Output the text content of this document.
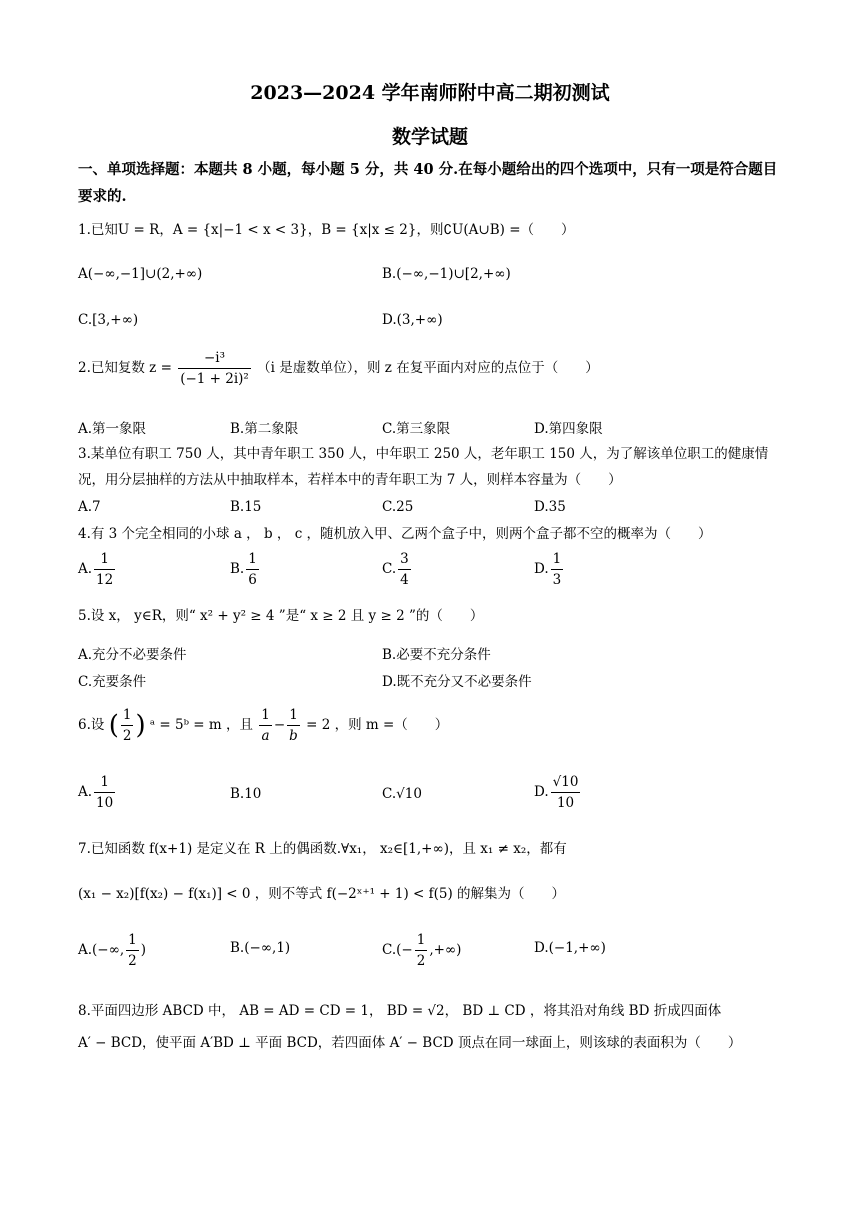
2023—2024 学年南师附中高二期初测试
数学试题
一、单项选择题：本题共 8 小题，每小题 5 分，共 40 分.在每小题给出的四个选项中，只有一项是符合题目要求的.
1.已知U = R，A = {x|−1 < x < 3}，B = {x|x ≤ 2}，则∁U(A∪B) =（　　）
A(−∞,−1]∪(2,+∞)	B.(−∞,−1)∪[2,+∞)
C.[3,+∞)	D.(3,+∞)
2.已知复数 $z = \frac{\text{−i³}}{\text{(−1 + 2i)²}} (i$ 是虚数单位），则 z 在复平面内对应的点位于（　　）
A.第一象限	B.第二象限	C.第三象限	D.第四象限
3.某单位有职工 750 人，其中青年职工 350 人，中年职工 250 人，老年职工 150 人，为了解该单位职工的健康情况，用分层抽样的方法从中抽取样本，若样本中的青年职工为 7 人，则样本容量为（　　）
A.7	B.15	C.25	D.35
4.有 3 个完全相同的小球 a ， b ， c ，随机放入甲、乙两个盒子中，则两个盒子都不空的概率为（　　）
A. $\frac{1}{12}$	B. $\frac{1}{6}$	C. $\frac{3}{4}$	D. $\frac{1}{3}$
5.设 x， y∈R，则“ x² + y² ≥ 4 ”是“ x ≥ 2 且 y ≥ 2 ”的（　　）
A.充分不必要条件	B.必要不充分条件
C.充要条件	D.既不充分又不必要条件
6.设 ( $\frac{1}{2}$ ) ᵃ = 5ᵇ = m ，且 $\frac{1}{a} - \frac{1}{b} = 2$ ，则 m =（　　）
A. $\frac{1}{10}$	B.10	C.√10	D. $\frac{√10}{10}$
7.已知函数 f(x+1) 是定义在 R 上的偶函数.∀x₁， x₂∈[1,+∞)，且 x₁ ≠ x₂，都有
(x₁ − x₂)[f(x₂) − f(x₁)] < 0 ，则不等式 f(−2ˣ⁺¹ + 1) < f(5) 的解集为（　　）
A.(−∞, $\frac{1}{2}$ )	B.(−∞,1)	$C.(- \frac{1}{2}$ ,+∞)	D.(−1,+∞)
8.平面四边形 ABCD 中， AB = AD = CD = 1， BD = √2， BD ⊥ CD ，将其沿对角线 BD 折成四面体
A′ − BCD，使平面 A′BD ⊥ 平面 BCD，若四面体 A′ − BCD 顶点在同一球面上，则该球的表面积为（　　）
